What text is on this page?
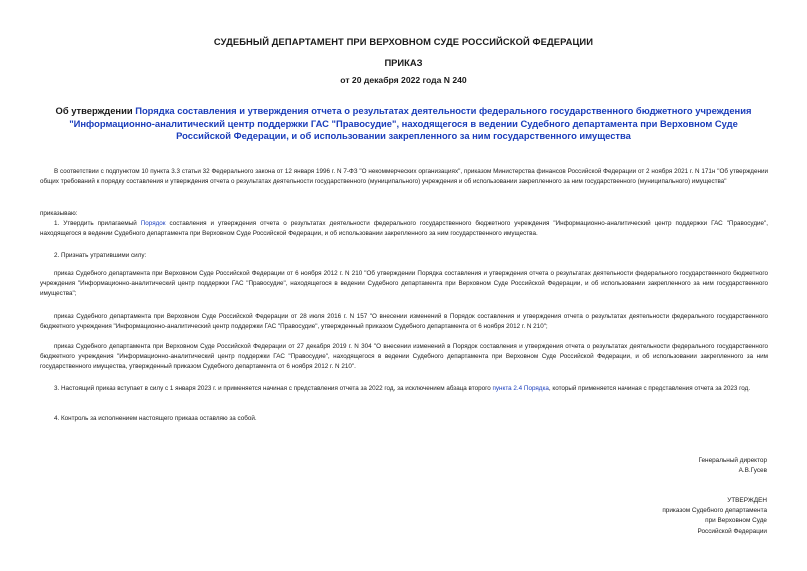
СУДЕБНЫЙ ДЕПАРТАМЕНТ ПРИ ВЕРХОВНОМ СУДЕ РОССИЙСКОЙ ФЕДЕРАЦИИ
ПРИКАЗ
от 20 декабря 2022 года N 240
Об утверждении Порядка составления и утверждения отчета о результатах деятельности федерального государственного бюджетного учреждения "Информационно-аналитический центр поддержки ГАС "Правосудие", находящегося в ведении Судебного департамента при Верховном Суде Российской Федерации, и об использовании закрепленного за ним государственного имущества
В соответствии с подпунктом 10 пункта 3.3 статьи 32 Федерального закона от 12 января 1996 г. N 7-ФЗ "О некоммерческих организациях", приказом Министерства финансов Российской Федерации от 2 ноября 2021 г. N 171н "Об утверждении общих требований к порядку составления и утверждения отчета о результатах деятельности государственного (муниципального) учреждения и об использовании закрепленного за ним государственного (муниципального) имущества"
приказываю:
1. Утвердить прилагаемый Порядок составления и утверждения отчета о результатах деятельности федерального государственного бюджетного учреждения "Информационно-аналитический центр поддержки ГАС "Правосудие", находящегося в ведении Судебного департамента при Верховном Суде Российской Федерации, и об использовании закрепленного за ним государственного имущества.
2. Признать утратившими силу:
приказ Судебного департамента при Верховном Суде Российской Федерации от 6 ноября 2012 г. N 210 "Об утверждении Порядка составления и утверждения отчета о результатах деятельности федерального государственного бюджетного учреждения "Информационно-аналитический центр поддержки ГАС "Правосудие", находящегося в ведении Судебного департамента при Верховном Суде Российской Федерации, и об использовании закрепленного за ним государственного имущества";
приказ Судебного департамента при Верховном Суде Российской Федерации от 28 июля 2016 г. N 157 "О внесении изменений в Порядок составления и утверждения отчета о результатах деятельности федерального государственного бюджетного учреждения "Информационно-аналитический центр поддержки ГАС "Правосудие", утвержденный приказом Судебного департамента от 6 ноября 2012 г. N 210";
приказ Судебного департамента при Верховном Суде Российской Федерации от 27 декабря 2019 г. N 304 "О внесении изменений в Порядок составления и утверждения отчета о результатах деятельности федерального государственного бюджетного учреждения "Информационно-аналитический центр поддержки ГАС "Правосудие", находящегося в ведении Судебного департамента при Верховном Суде Российской Федерации, и об использовании закрепленного за ним государственного имущества, утвержденный приказом Судебного департамента от 6 ноября 2012 г. N 210".
3. Настоящий приказ вступает в силу с 1 января 2023 г. и применяется начиная с представления отчета за 2022 год, за исключением абзаца второго пункта 2.4 Порядка, который применяется начиная с представления отчета за 2023 год.
4. Контроль за исполнением настоящего приказа оставляю за собой.
Генеральный директор
А.В.Гусев
УТВЕРЖДЕН
приказом Судебного департамента
при Верховном Суде
Российской Федерации
